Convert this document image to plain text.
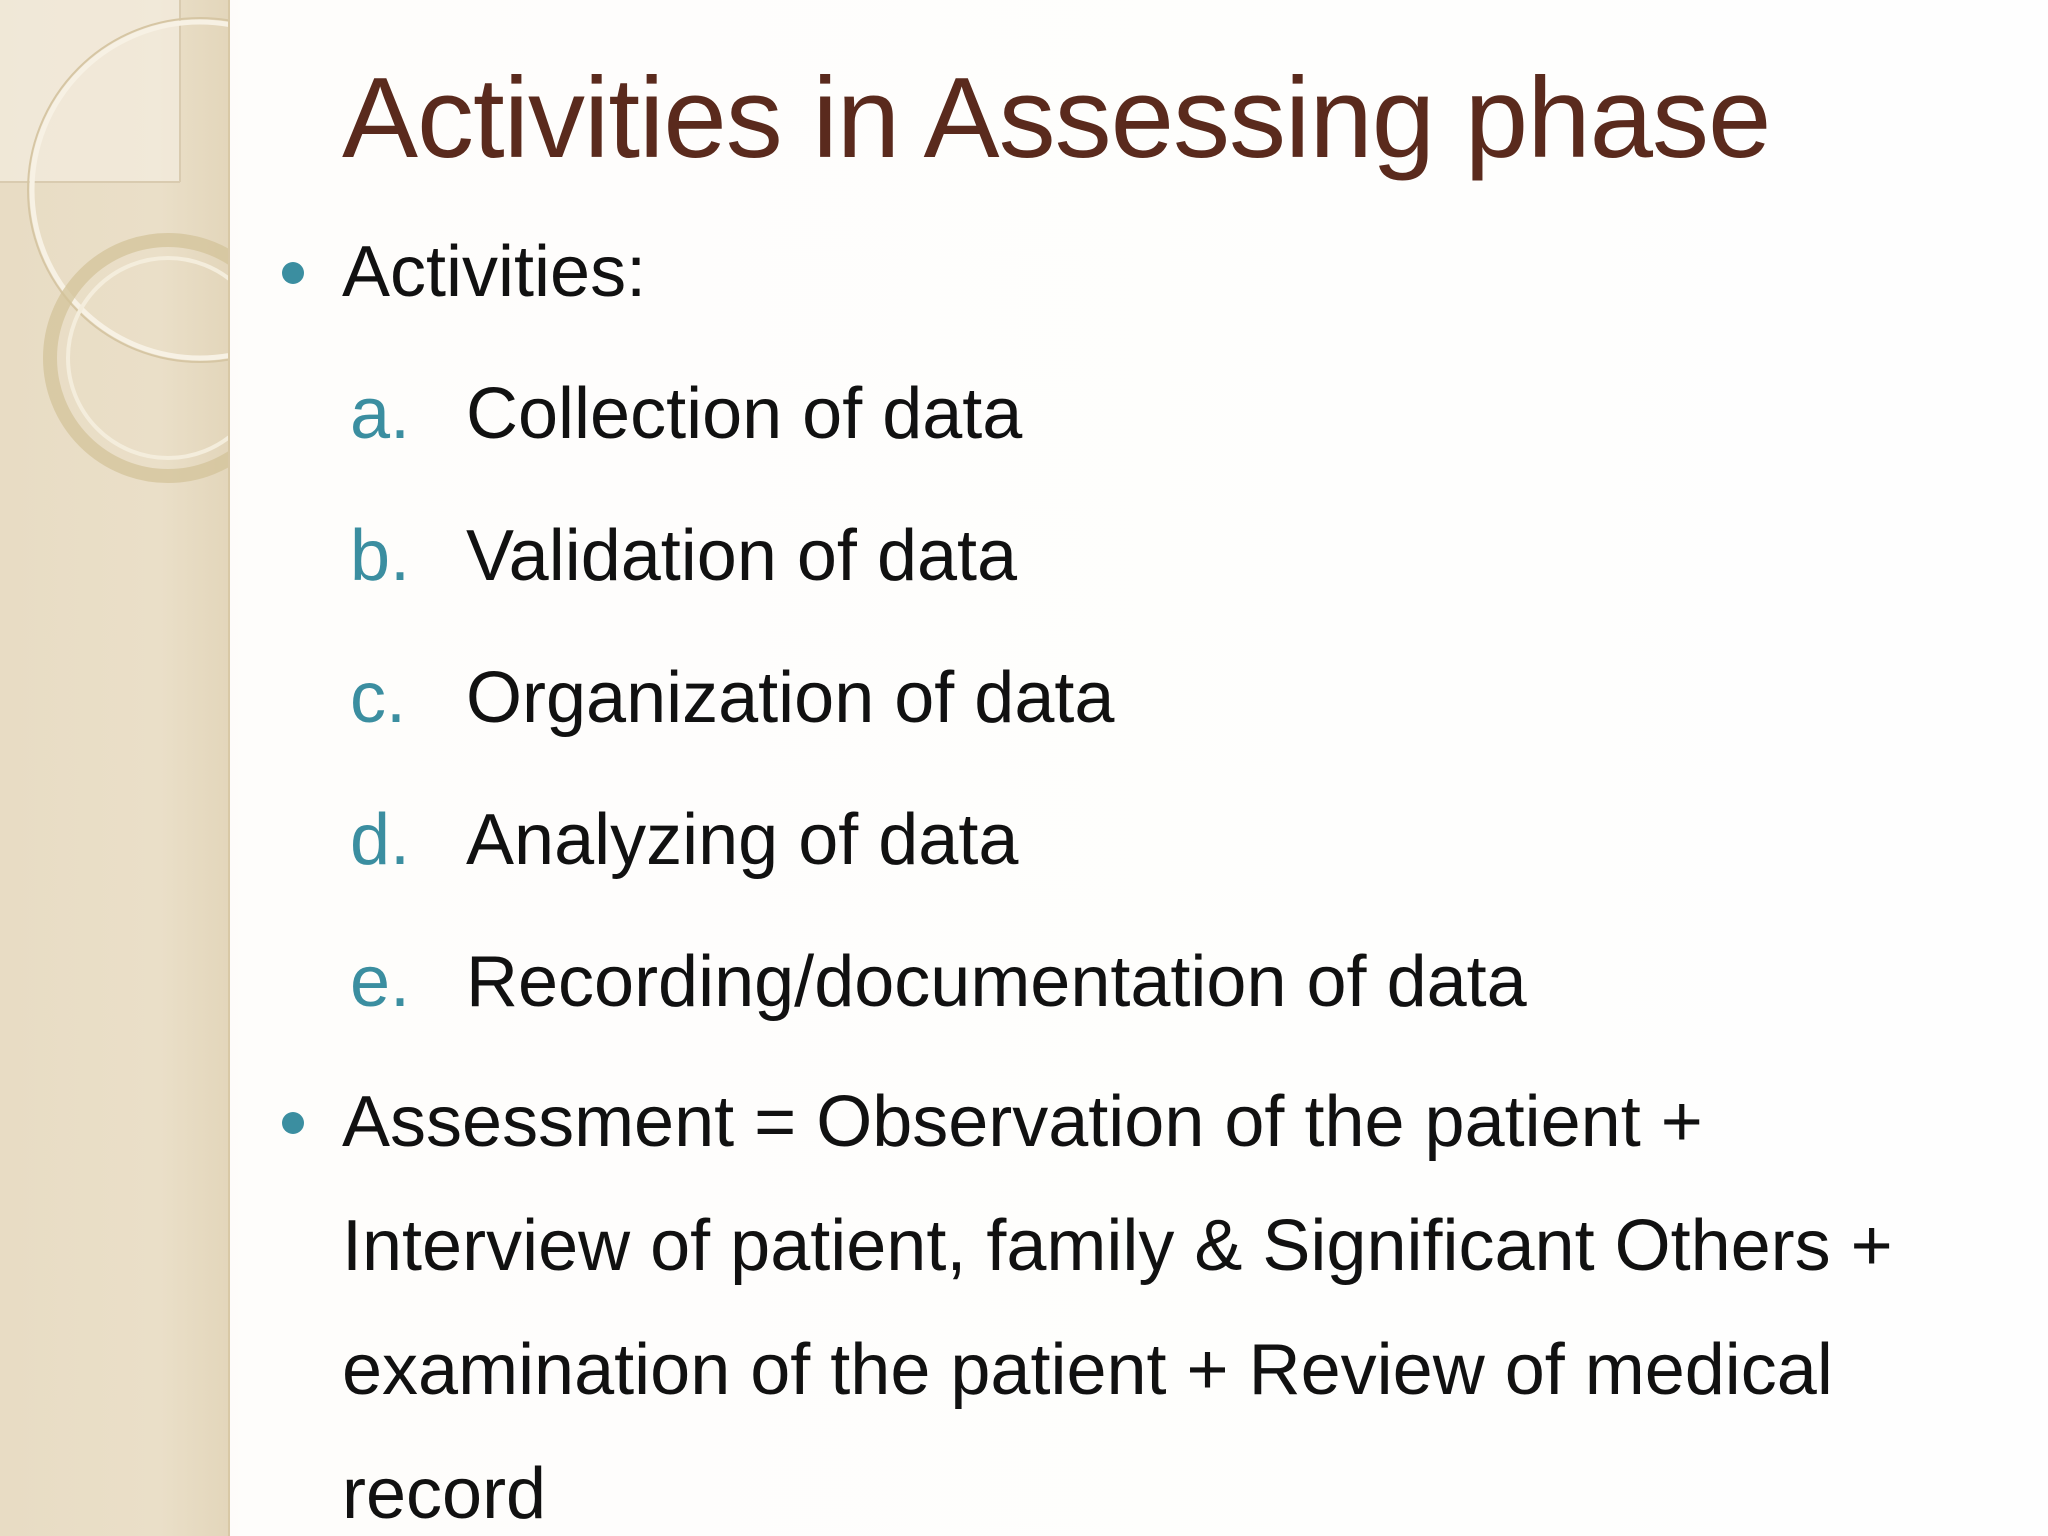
Activities in Assessing phase
Activities:
a. Collection of data
b. Validation of data
c. Organization of data
d. Analyzing of data
e. Recording/documentation of data
Assessment = Observation of the patient +
Interview of patient, family & Significant Others +
examination of the patient + Review of medical
record
